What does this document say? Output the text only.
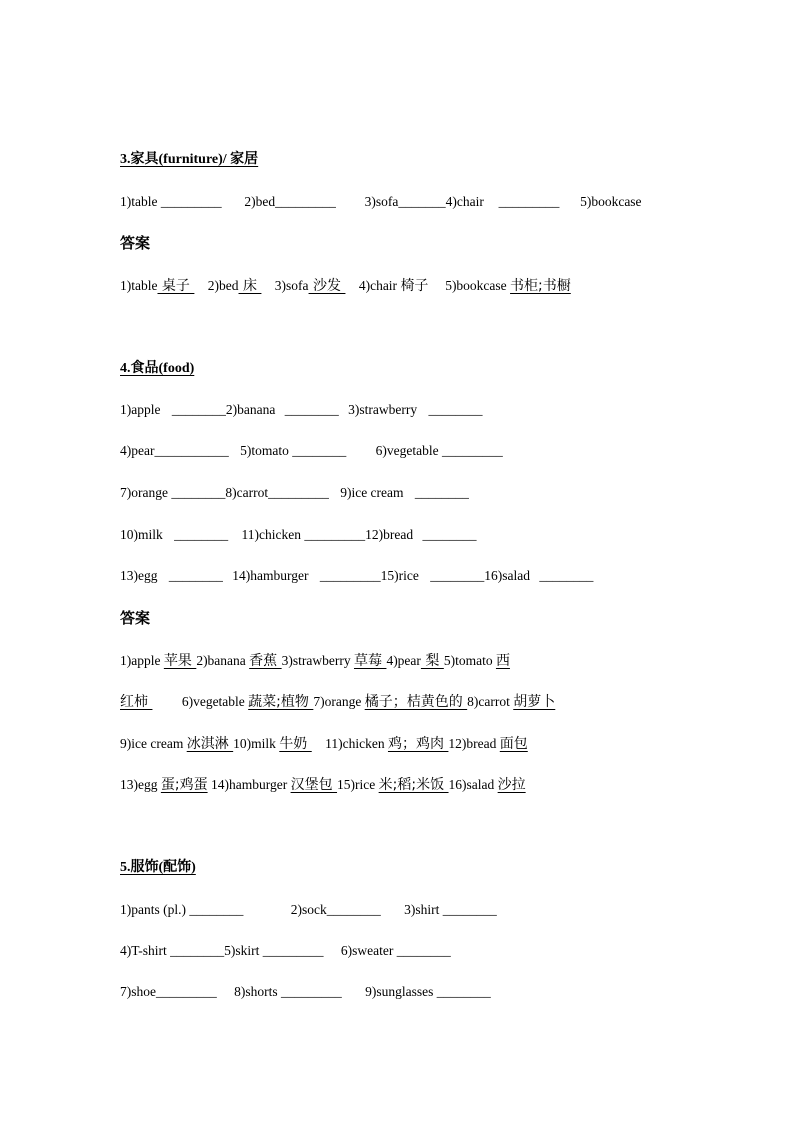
3.家具(furniture)/ 家居
1)table _________ 2)bed_________ 3)sofa_______4)chair _________ 5)bookcase
答案
1)table 桌子  2)bed 床  3)sofa 沙发  4)chair 椅子 5)bookcase 书柜;书橱
4.食品(food)
1)apple ________2)banana ________ 3)strawberry ________
4)pear___________ 5)tomato ________ 6)vegetable _________
7)orange ________8)carrot_________ 9)ice cream ________
10)milk ________ 11)chicken _________12)bread ________
13)egg ________ 14)hamburger _________15)rice ________16)salad ________
答案
1)apple 苹果 2)banana 香蕉 3)strawberry 草莓 4)pear 梨 5)tomato 西
红柿  6)vegetable 蔬菜;植物 7)orange 橘子；桔黄色的 8)carrot 胡萝卜
9)ice cream 冰淇淋 10)milk 牛奶  11)chicken 鸡；鸡肉 12)bread 面包
13)egg 蛋;鸡蛋 14)hamburger 汉堡包 15)rice 米;稻;米饭 16)salad 沙拉
5.服饰(配饰)
1)pants (pl.) ________	2)sock________ 3)shirt ________
4)T-shirt ________5)skirt _________ 6)sweater ________
7)shoe_________ 8)shorts _________ 9)sunglasses ________
